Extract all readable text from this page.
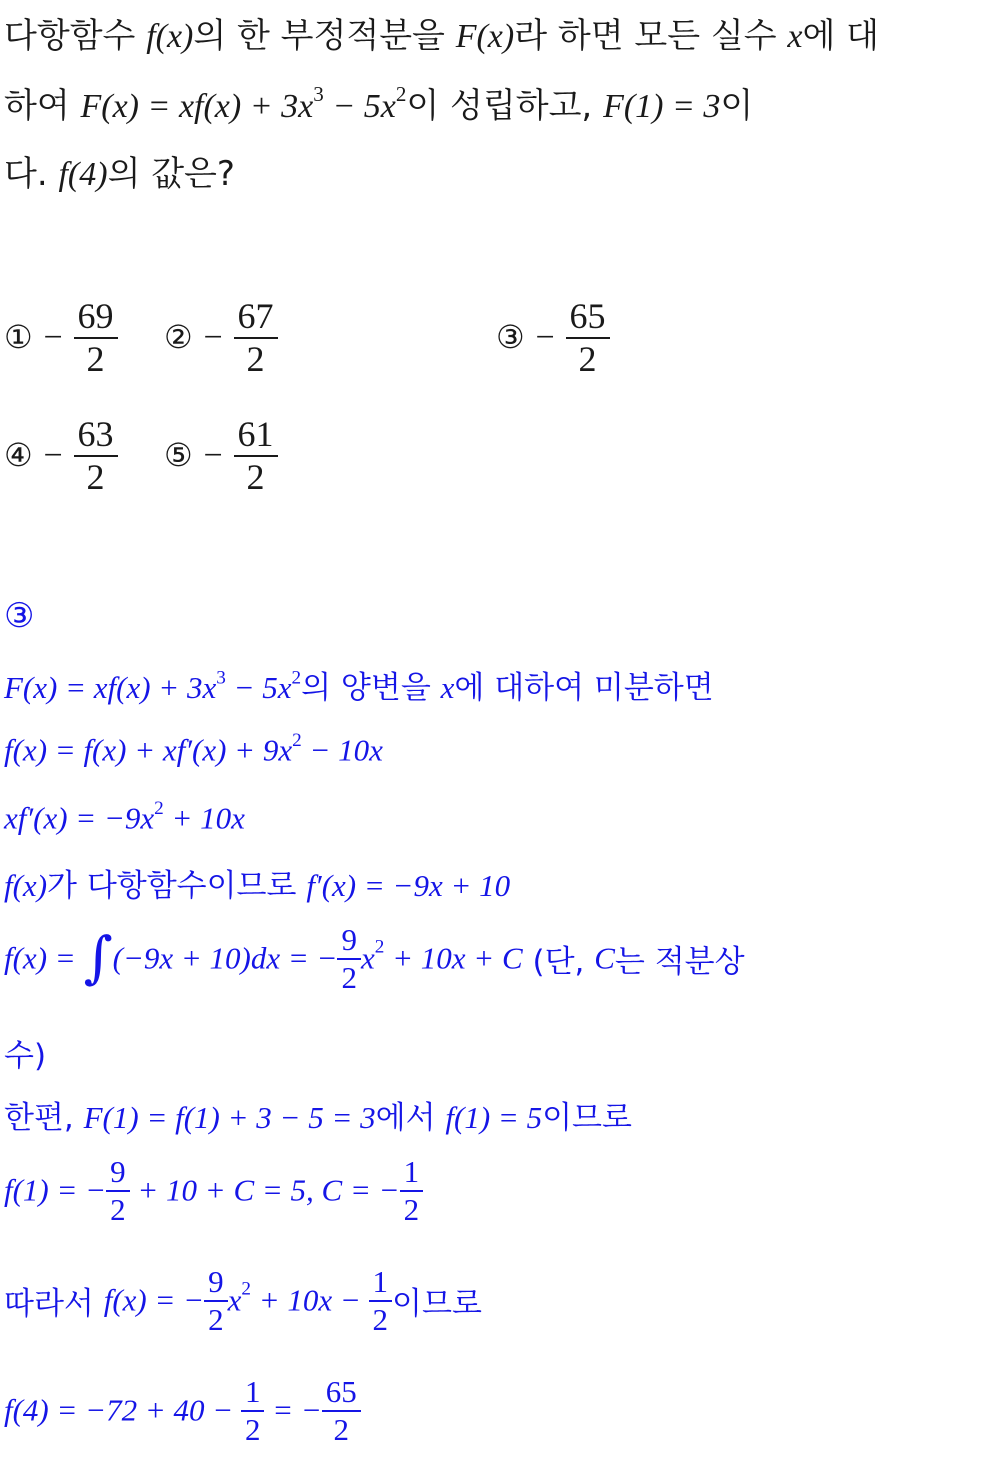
다항함수 f(x)의 한 부정적분을 F(x)라 하면 모든 실수 x에 대
하여 $F(x) = xf(x) + 3x^3 - 5x^2$이 성립하고, F(1) = 3이
다. f(4)의 값은?
① − $\frac{69}{2}$ ② − $\frac{67}{2}$	③ − $\frac{65}{2}$
④ − $\frac{63}{2}$ ⑤ − $\frac{61}{2}$
③
$F(x) = xf(x) + 3x^3 - 5x^2$의 양변을 x에 대하여 미분하면
$f(x) = f(x) + xf'(x) + 9x^2 - 10x$
$xf'(x) = -9x^2 + 10x$
f(x)가 다항함수이므로 f′(x) = −9x + 10
f(x) = ∫(−9x + 10)dx = − $\frac{9}{2} x^2 + 10x + C$ (단, C는 적분상
수)
한편, F(1) = f(1) + 3 − 5 = 3에서 f(1) = 5이므로
f(1) = − $\frac{9}{2} + 10 + C = 5$, C = − $\frac{1}{2}$
따라서 f(x) = − $\frac{9}{2} x^2 + 10x - \frac{1}{2}$ 이므로
$f(4) = -72 + 40 - \frac{1}{2}$ = − $\frac{65}{2}$
